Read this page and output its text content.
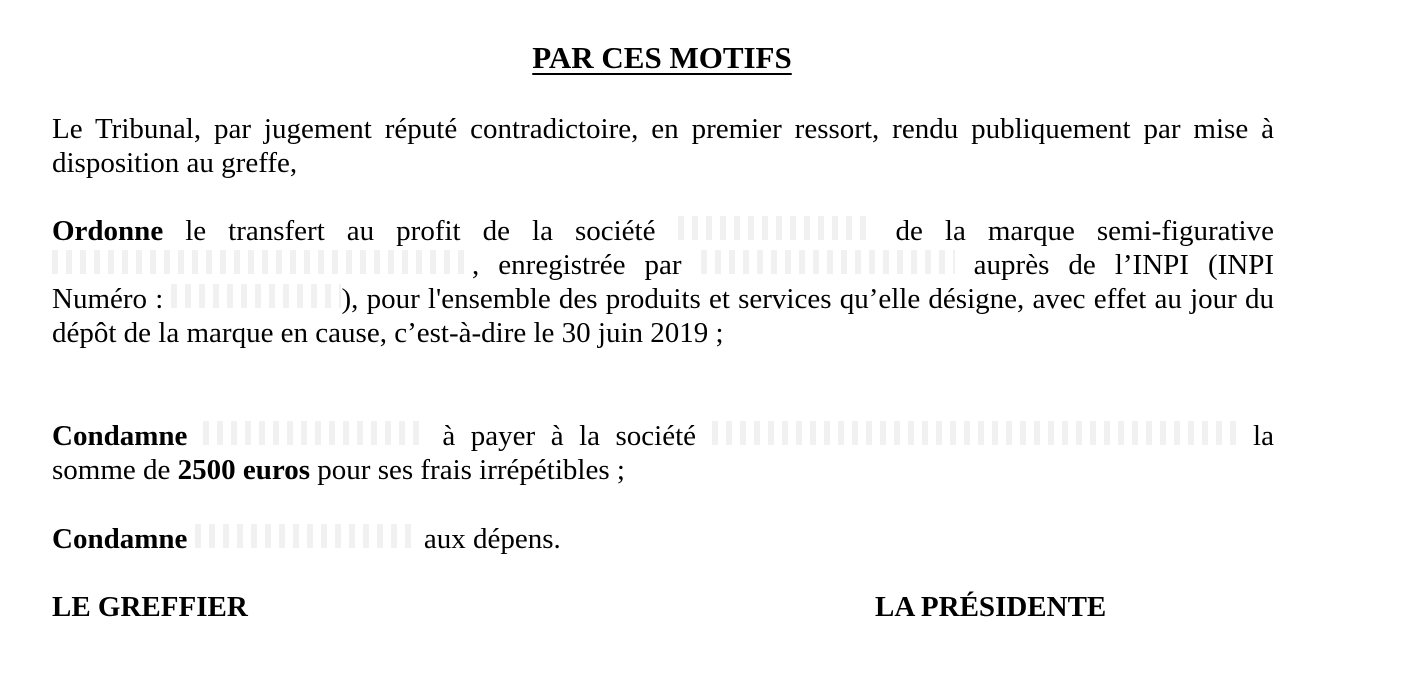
PAR CES MOTIFS

Le Tribunal, par jugement réputé contradictoire, en premier ressort, rendu publiquement par mise à disposition au greffe,

Ordonne le transfert au profit de la société	de la marque semi-figurative , enregistrée par	auprès de l’INPI (INPI Numéro :	), pour l'ensemble des produits et services qu’elle désigne, avec effet au jour du dépôt de la marque en cause, c’est-à-dire le 30 juin 2019 ;

Condamne	à payer à la société	la somme de 2500 euros pour ses frais irrépétibles ;

Condamne	aux dépens.

LE GREFFIER	LA PRÉSIDENTE
